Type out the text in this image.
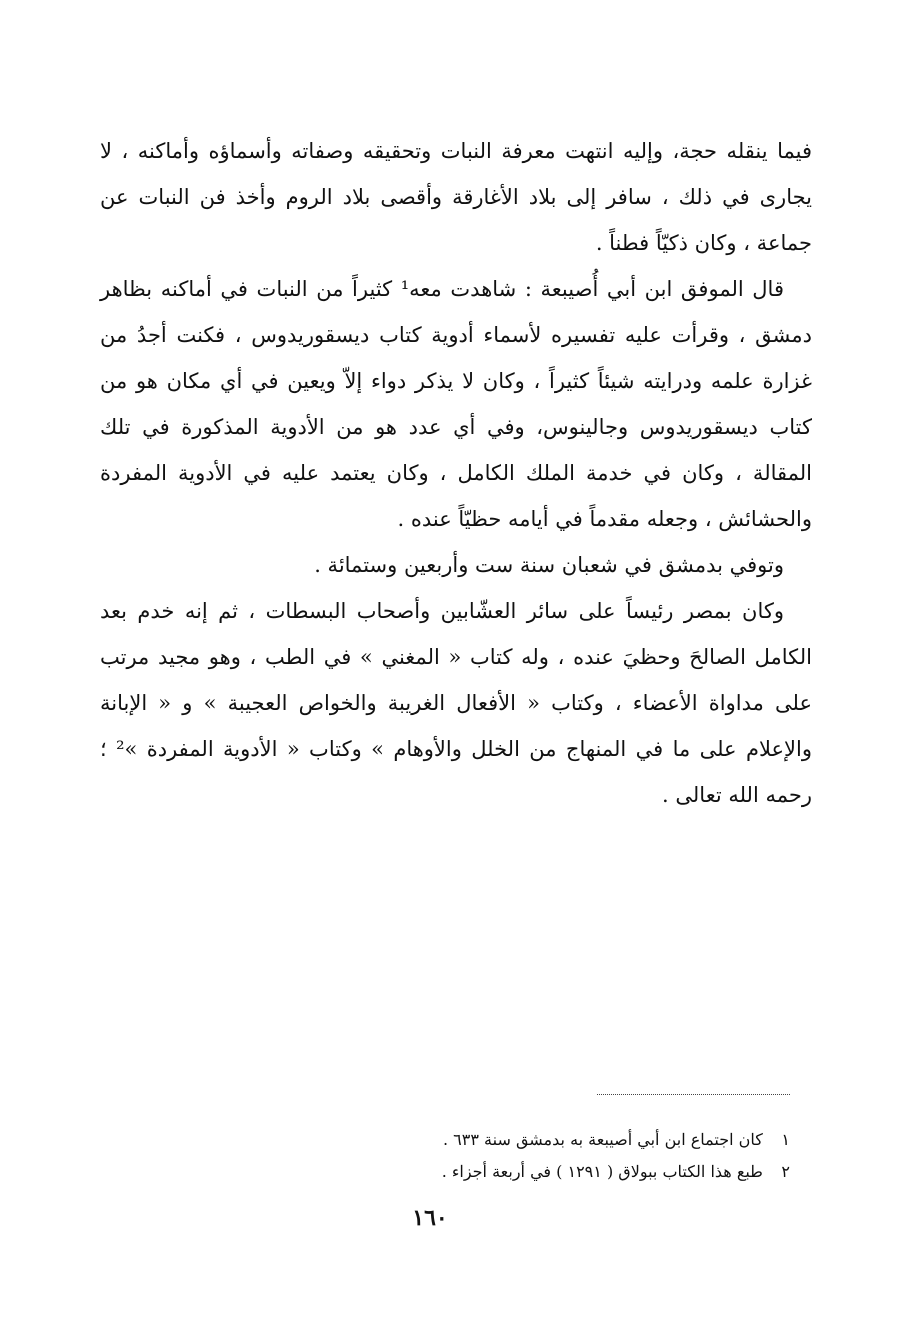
فيما ينقله حجة، وإليه انتهت معرفة النبات وتحقيقه وصفاته وأسماؤه وأماكنه ، لا يجارى في ذلك ، سافر إلى بلاد الأغارقة وأقصى بلاد الروم وأخذ فن النبات عن جماعة ، وكان ذكيّاً فطناً .

قال الموفق ابن أبي أُصيبعة : شاهدت معه¹ كثيراً من النبات في أماكنه بظاهر دمشق ، وقرأت عليه تفسيره لأسماء أدوية كتاب ديسقوريدوس ، فكنت أجدُ من غزارة علمه ودرايته شيئاً كثيراً ، وكان لا يذكر دواء إلاّ ويعين في أي مكان هو من كتاب ديسقوريدوس وجالينوس، وفي أي عدد هو من الأدوية المذكورة في تلك المقالة ، وكان في خدمة الملك الكامل ، وكان يعتمد عليه في الأدوية المفردة والحشائش ، وجعله مقدماً في أيامه حظيّاً عنده .

وتوفي بدمشق في شعبان سنة ست وأربعين وستمائة .

وكان بمصر رئيساً على سائر العشّابين وأصحاب البسطات ، ثم إنه خدم بعد الكامل الصالحَ وحظيَ عنده ، وله كتاب « المغني » في الطب ، وهو مجيد مرتب على مداواة الأعضاء ، وكتاب « الأفعال الغريبة والخواص العجيبة » و « الإبانة والإعلام على ما في المنهاج من الخلل والأوهام » وكتاب « الأدوية المفردة »² ؛ رحمه الله تعالى .

١ كان اجتماع ابن أبي أصيبعة به بدمشق سنة ٦٣٣ .
٢ طبع هذا الكتاب ببولاق ( ١٢٩١ ) في أربعة أجزاء .
١٦٠
